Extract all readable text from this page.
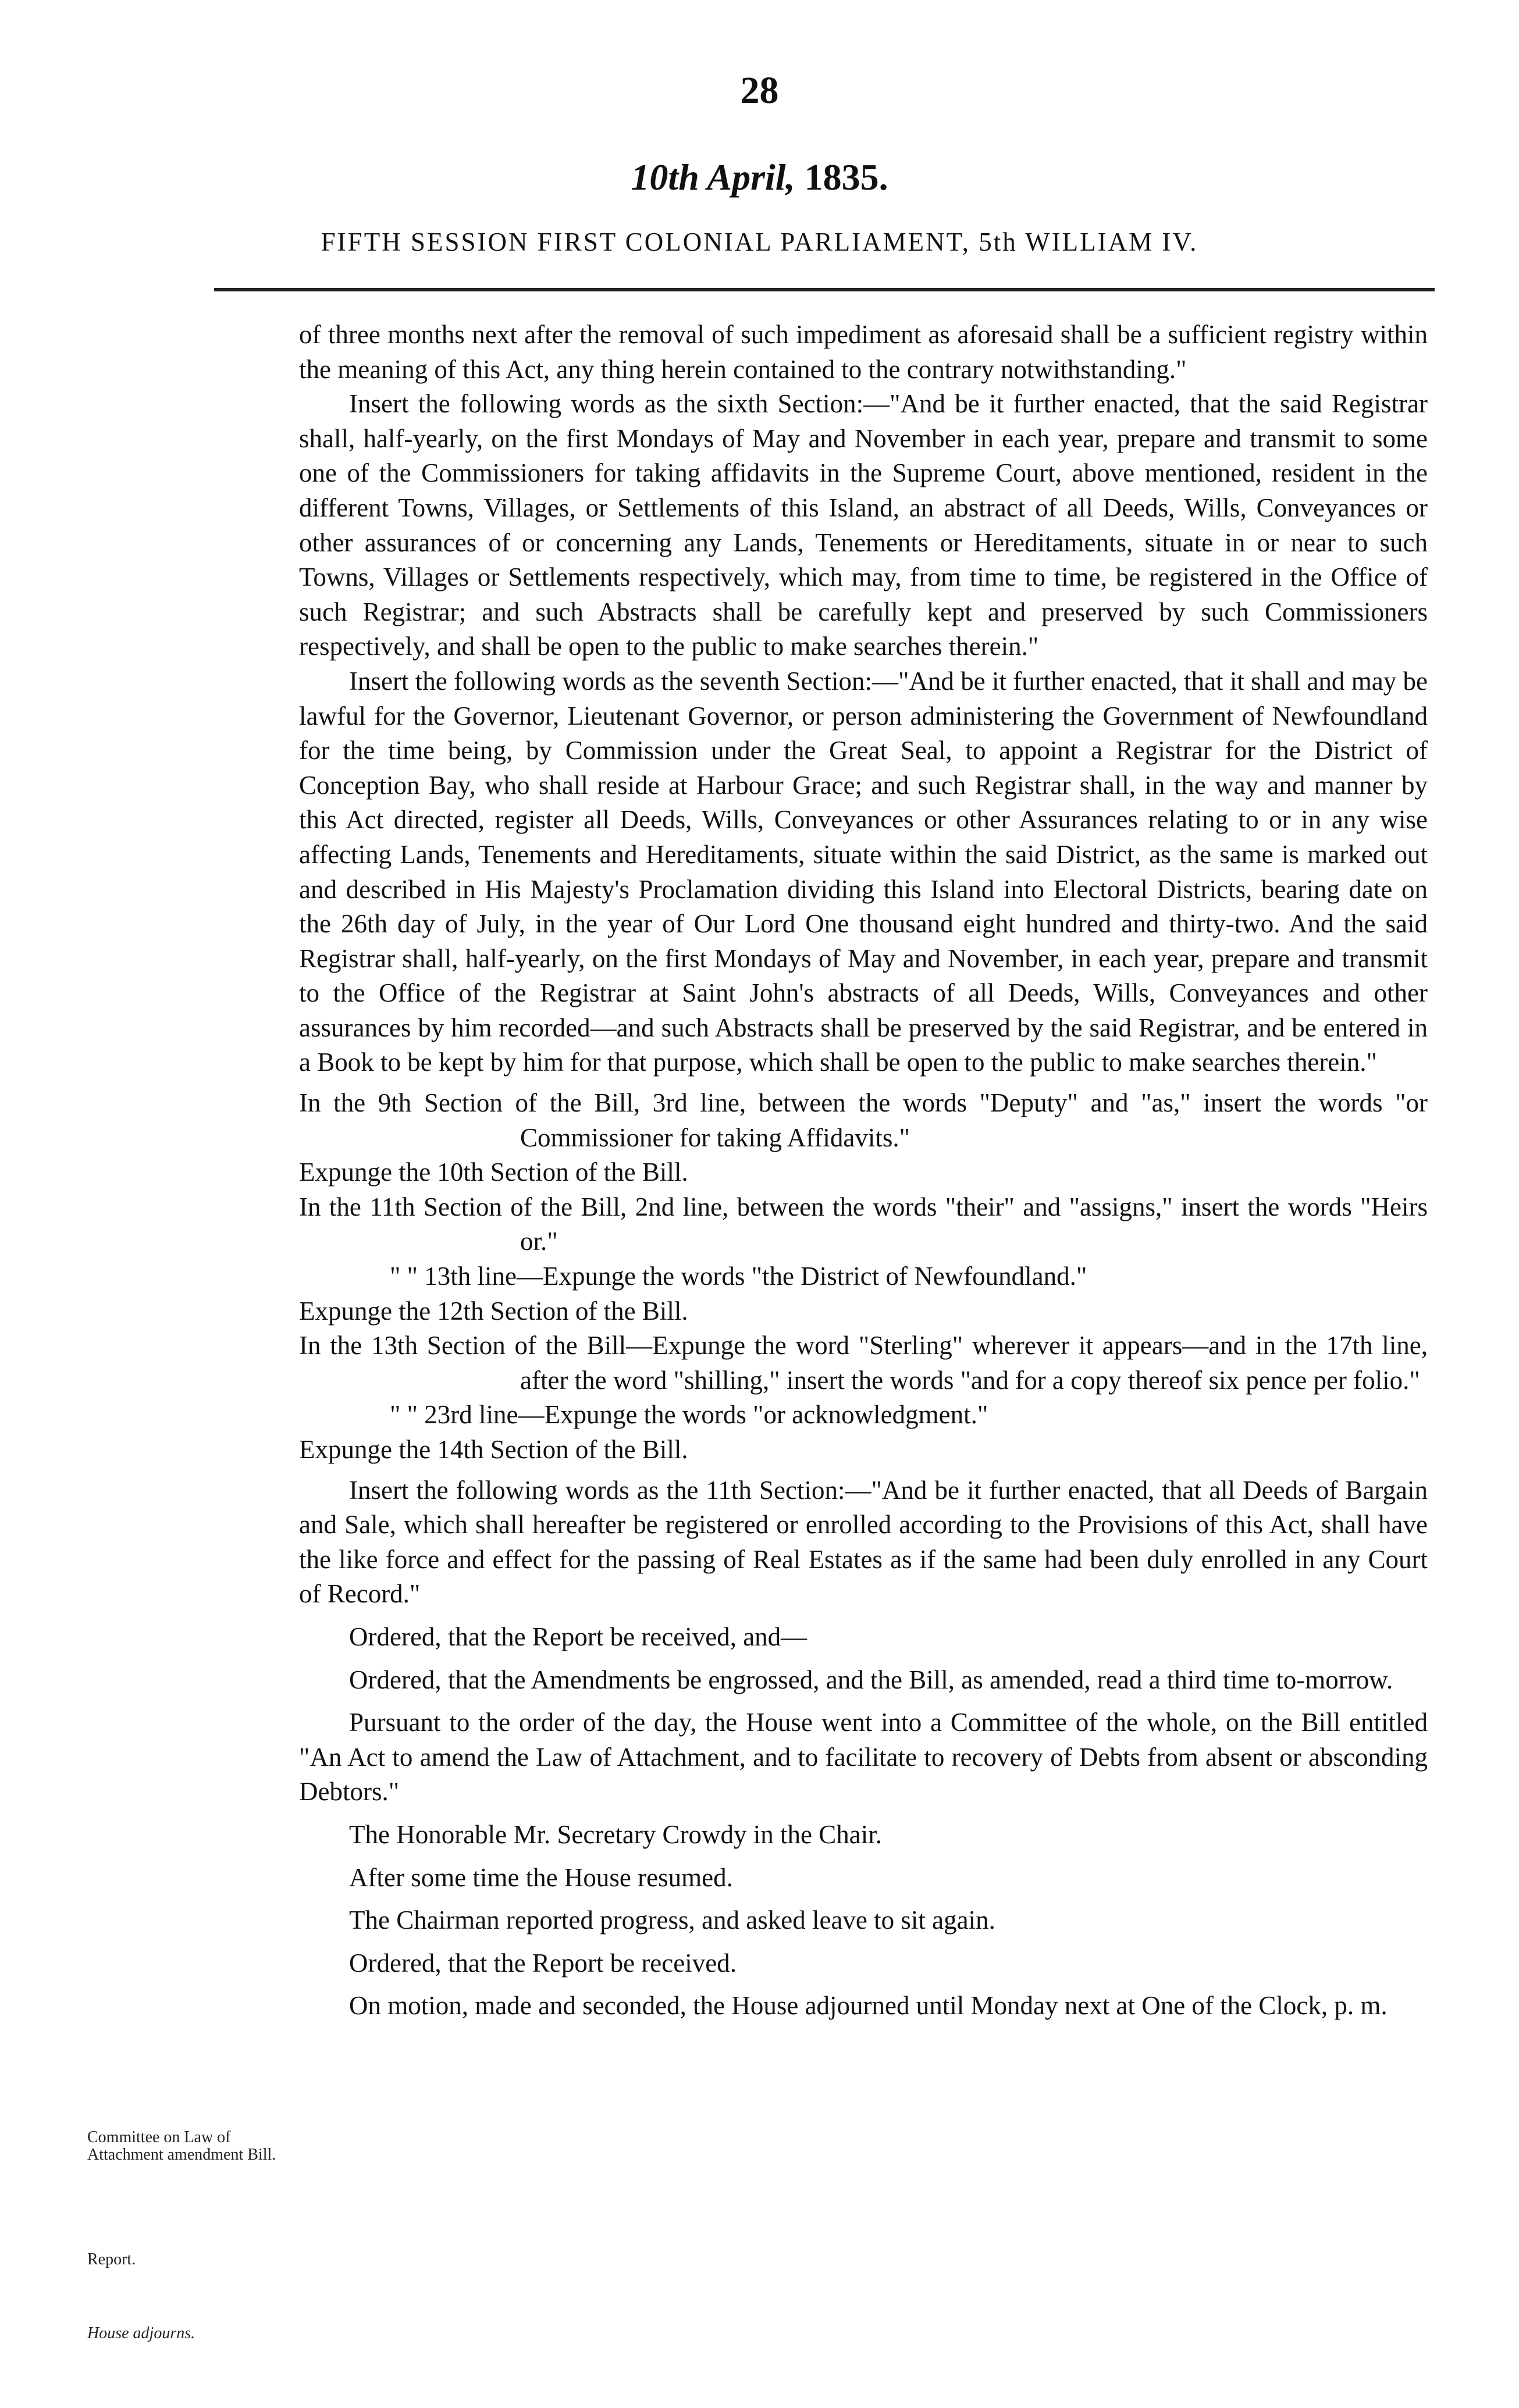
28
10th April, 1835.
FIFTH SESSION FIRST COLONIAL PARLIAMENT, 5th WILLIAM IV.

of three months next after the removal of such impediment as aforesaid shall be a sufficient registry within the meaning of this Act, any thing herein contained to the contrary notwithstanding."

Insert the following words as the sixth Section:—"And be it further enacted, that the said Registrar shall, half-yearly, on the first Mondays of May and November in each year, prepare and transmit to some one of the Commissioners for taking affidavits in the Supreme Court, above mentioned, resident in the different Towns, Villages, or Settlements of this Island, an abstract of all Deeds, Wills, Conveyances or other assurances of or concerning any Lands, Tenements or Hereditaments, situate in or near to such Towns, Villages or Settlements respectively, which may, from time to time, be registered in the Office of such Registrar; and such Abstracts shall be carefully kept and preserved by such Commissioners respectively, and shall be open to the public to make searches therein."

Insert the following words as the seventh Section:—"And be it further enacted, that it shall and may be lawful for the Governor, Lieutenant Governor, or person administering the Government of Newfoundland for the time being, by Commission under the Great Seal, to appoint a Registrar for the District of Conception Bay, who shall reside at Harbour Grace; and such Registrar shall, in the way and manner by this Act directed, register all Deeds, Wills, Conveyances or other Assurances relating to or in any wise affecting Lands, Tenements and Hereditaments, situate within the said District, as the same is marked out and described in His Majesty's Proclamation dividing this Island into Electoral Districts, bearing date on the 26th day of July, in the year of Our Lord One thousand eight hundred and thirty-two. And the said Registrar shall, half-yearly, on the first Mondays of May and November, in each year, prepare and transmit to the Office of the Registrar at Saint John's abstracts of all Deeds, Wills, Conveyances and other assurances by him recorded—and such Abstracts shall be preserved by the said Registrar, and be entered in a Book to be kept by him for that purpose, which shall be open to the public to make searches therein."

In the 9th Section of the Bill, 3rd line, between the words "Deputy" and "as," insert the words "or Commissioner for taking Affidavits."

Expunge the 10th Section of the Bill.

In the 11th Section of the Bill, 2nd line, between the words "their" and "assigns," insert the words "Heirs or."

" " 13th line—Expunge the words "the District of Newfoundland."

Expunge the 12th Section of the Bill.

In the 13th Section of the Bill—Expunge the word "Sterling" wherever it appears—and in the 17th line, after the word "shilling," insert the words "and for a copy thereof six pence per folio."

" " 23rd line—Expunge the words "or acknowledgment."

Expunge the 14th Section of the Bill.

Insert the following words as the 11th Section:—"And be it further enacted, that all Deeds of Bargain and Sale, which shall hereafter be registered or enrolled according to the Provisions of this Act, shall have the like force and effect for the passing of Real Estates as if the same had been duly enrolled in any Court of Record."

Ordered, that the Report be received, and—

Ordered, that the Amendments be engrossed, and the Bill, as amended, read a third time to-morrow.

Pursuant to the order of the day, the House went into a Committee of the whole, on the Bill entitled "An Act to amend the Law of Attachment, and to facilitate to recovery of Debts from absent or absconding Debtors."

The Honorable Mr. Secretary Crowdy in the Chair.

After some time the House resumed.

The Chairman reported progress, and asked leave to sit again.

Ordered, that the Report be received.

On motion, made and seconded, the House adjourned until Monday next at One of the Clock, p. m.

Committee on Law of Attachment amendment Bill.
Report.
House adjourns.
